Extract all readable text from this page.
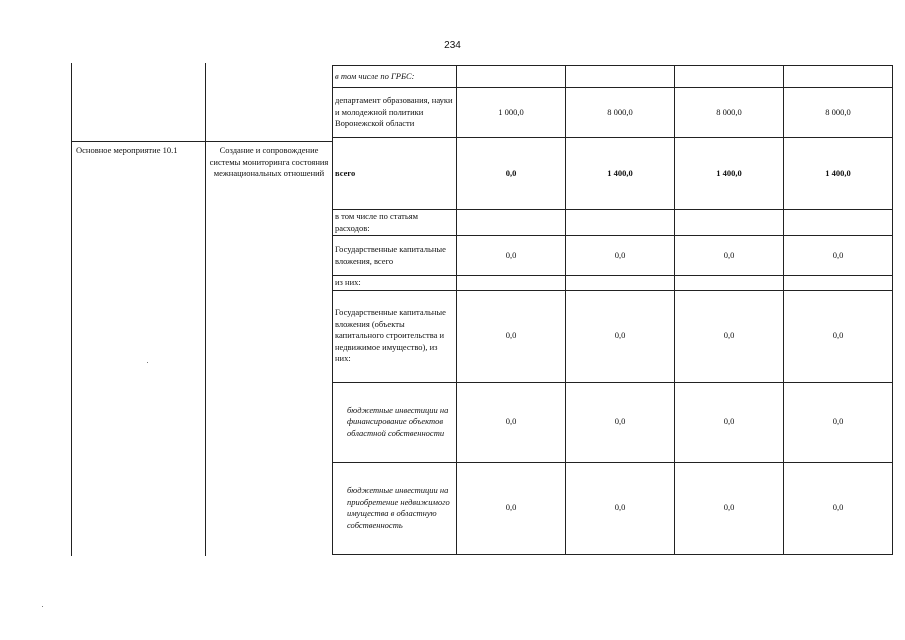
234
Основное мероприятие 10.1	Создание и сопровождение системы мониторинга состояния межнациональных отношений
в том числе по ГРБС:				
департамент образования, науки и молодежной политики Воронежской области	1 000,0	8 000,0	8 000,0	8 000,0
всего	0,0	1 400,0	1 400,0	1 400,0
в том числе по статьям расходов:				
Государственные капитальные вложения, всего	0,0	0,0	0,0	0,0
из них:				
Государственные капитальные вложения (объекты капитального строительства и недвижимое имущество), из них:	0,0	0,0	0,0	0,0
бюджетные инвестиции на финансирование объектов областной собственности	0,0	0,0	0,0	0,0
бюджетные инвестиции на приобретение недвижимого имущества в областную собственность	0,0	0,0	0,0	0,0
